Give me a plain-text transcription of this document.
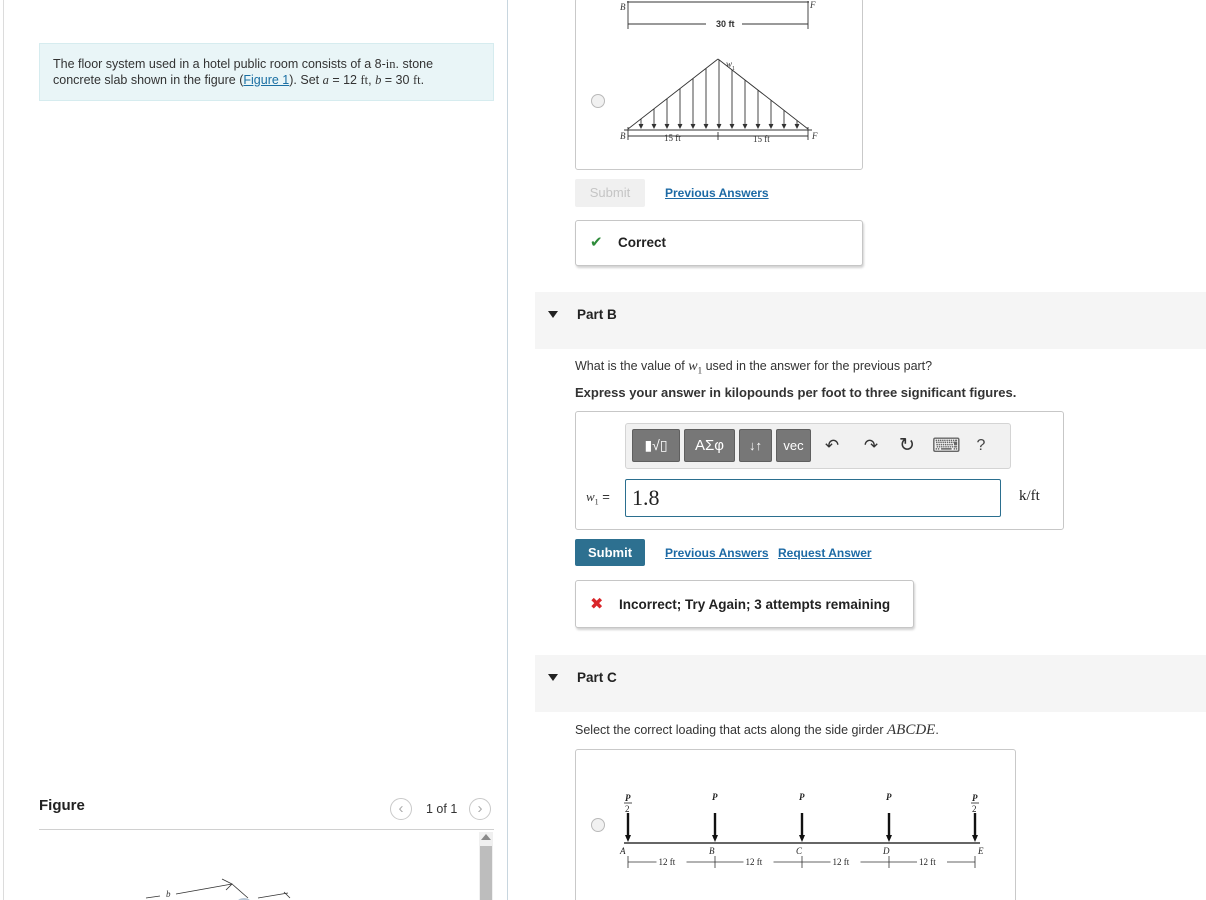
The floor system used in a hotel public room consists of a 8-in. stone concrete slab shown in the figure (Figure 1). Set a = 12 ft, b = 30 ft.
Figure	‹	1 of 1	›
b
B	F
30 ft
w 1
B	F
15 ft	15 ft
Submit	Previous Answers
✔ Correct
Part B
What is the value of $w_1$ used in the answer for the previous part?
Express your answer in kilopounds per foot to three significant figures.
▮√▯	ΑΣφ	↓↑	vec	↶ ↷ ↻ ⌨ ?
$w_1$ =	1.8	k/ft
Submit	Previous Answers Request Answer
✖ Incorrect; Try Again; 3 attempts remaining
Part C
Select the correct loading that acts along the side girder ABCDE.
P
2
P	P	P	P
2
A	B	C	D	E
12 ft	12 ft	12 ft	12 ft
